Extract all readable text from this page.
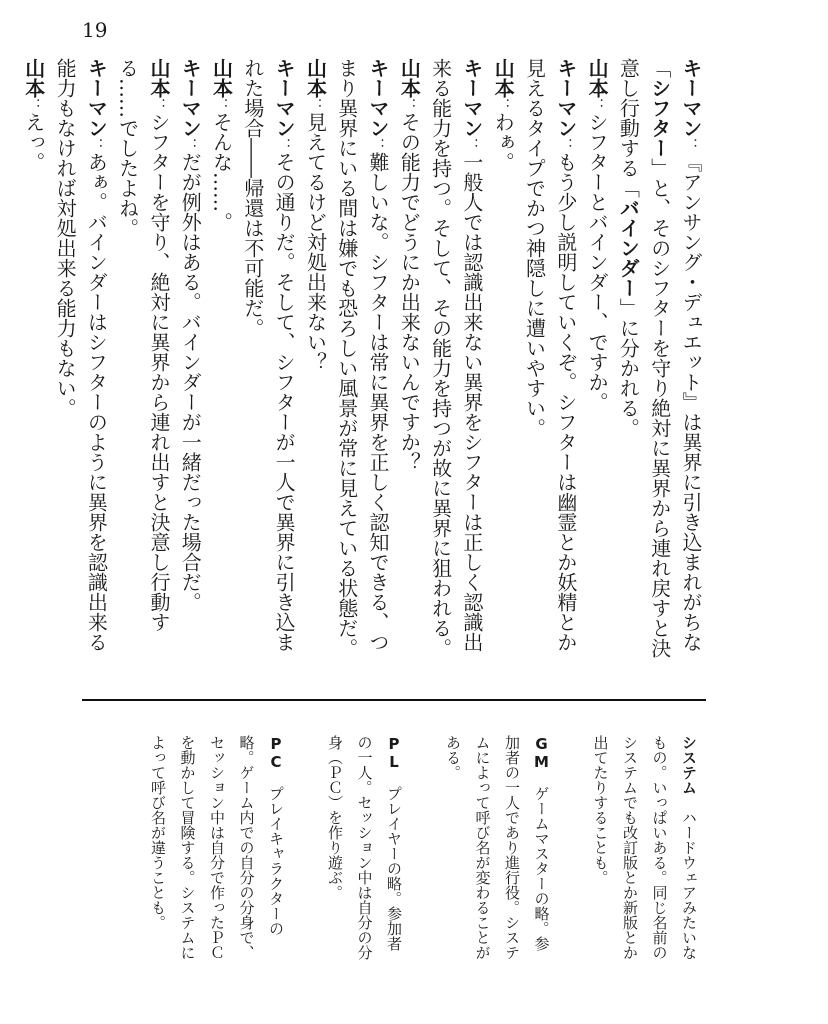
19

キーマン：『アンサング・デュエット』は異界に引き込まれがちな「シフター」と、そのシフターを守り絶対に異界から連れ戻すと決意し行動する「バインダー」に分かれる。

山本：シフターとバインダー、ですか。

キーマン：もう少し説明していくぞ。シフターは幽霊とか妖精とか見えるタイプでかつ神隠しに遭いやすい。

山本：わぁ。

キーマン：一般人では認識出来ない異界をシフターは正しく認識出来る能力を持つ。そして、その能力を持つが故に異界に狙われる。

山本：その能力でどうにか出来ないんですか？

キーマン：難しいな。シフターは常に異界を正しく認知できる、つまり異界にいる間は嫌でも恐ろしい風景が常に見えている状態だ。

山本：見えてるけど対処出来ない？

キーマン：その通りだ。そして、シフターが一人で異界に引き込まれた場合――帰還は不可能だ。

山本：そんな……。

キーマン：だが例外はある。バインダーが一緒だった場合だ。

山本：シフターを守り、絶対に異界から連れ出すと決意し行動する……でしたよね。

キーマン：あぁ。バインダーはシフターのように異界を認識出来る能力もなければ対処出来る能力もない。

山本：えっ。

システムハードウェアみたいなもの。いっぱいある。同じ名前のシステムでも改訂版とか新版とか出てたりすることも。

GMゲームマスターの略。参加者の一人であり進行役。システムによって呼び名が変わることがある。

PLプレイヤーの略。参加者の一人。セッション中は自分の分身（ＰＣ）を作り遊ぶ。

PCプレイキャラクターの略。ゲーム内での自分の分身で、セッション中は自分で作ったＰＣを動かして冒険する。システムによって呼び名が違うことも。
